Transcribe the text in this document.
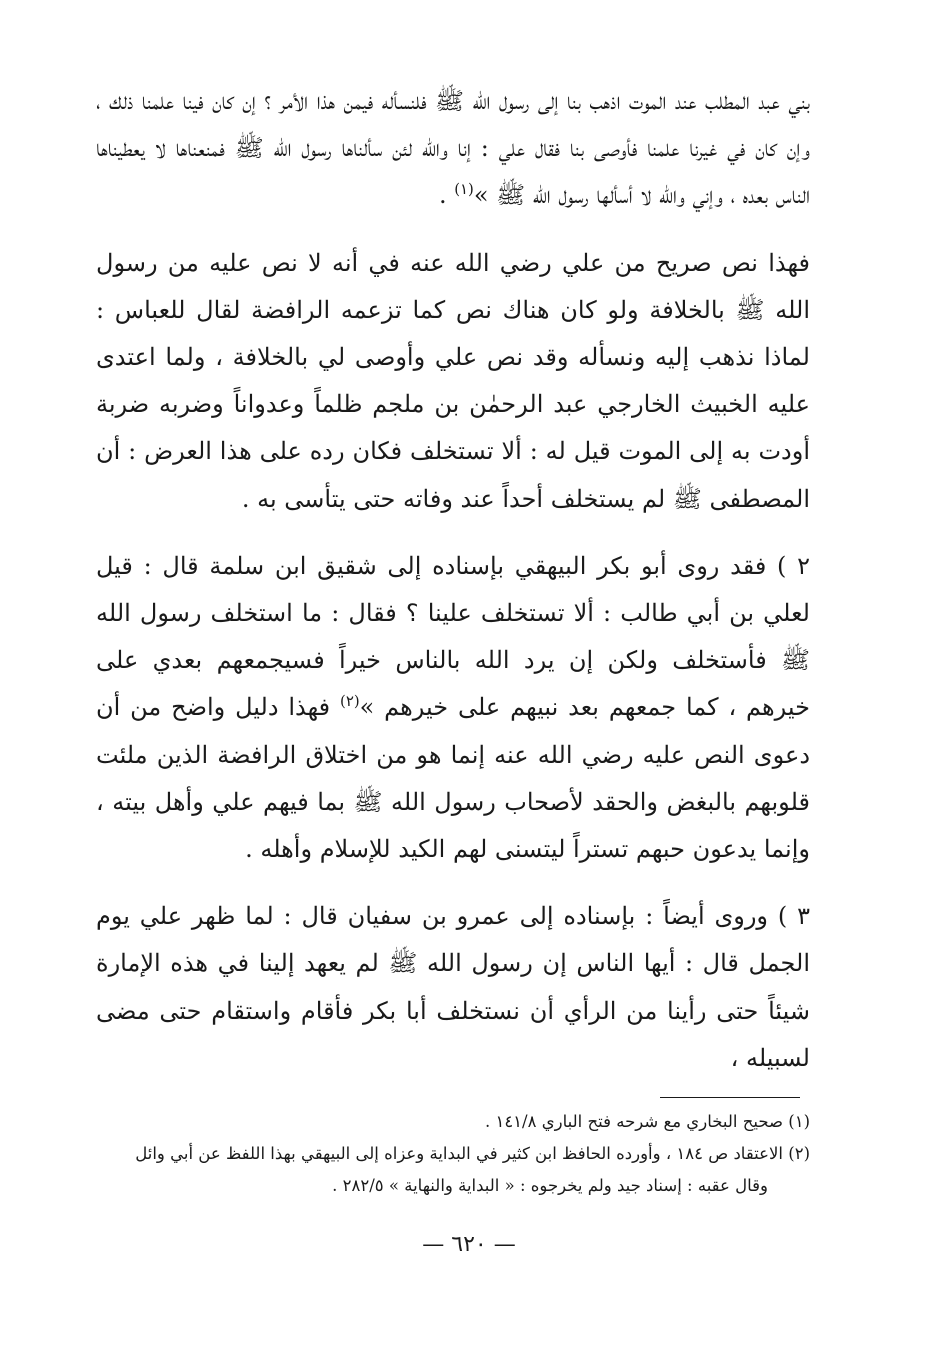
بني عبد المطلب عند الموت اذهب بنا إلى رسول الله ﷺ فلنسأله فيمن هذا الأمر ؟ إن كان فينا علمنا ذلك ، وإن كان في غيرنا علمنا فأوصى بنا فقال علي : إنا والله لئن سألناها رسول الله ﷺ فمنعناها لا يعطيناها الناس بعده ، وإني والله لا أسألها رسول الله ﷺ »$^{(١)}$ .

فهذا نص صريح من علي رضي الله عنه في أنه لا نص عليه من رسول الله ﷺ بالخلافة ولو كان هناك نص كما تزعمه الرافضة لقال للعباس : لماذا نذهب إليه ونسأله وقد نص علي وأوصى لي بالخلافة ، ولما اعتدى عليه الخبيث الخارجي عبد الرحمٰن بن ملجم ظلماً وعدواناً وضربه ضربة أودت به إلى الموت قيل له : ألا تستخلف فكان رده على هذا العرض : أن المصطفى ﷺ لم يستخلف أحداً عند وفاته حتى يتأسى به .

٢ ) فقد روى أبو بكر البيهقي بإسناده إلى شقيق ابن سلمة قال : قيل لعلي بن أبي طالب : ألا تستخلف علينا ؟ فقال : ما استخلف رسول الله ﷺ فأستخلف ولكن إن يرد الله بالناس خيراً فسيجمعهم بعدي على خيرهم ، كما جمعهم بعد نبيهم على خيرهم »$^{(٢)}$ فهذا دليل واضح من أن دعوى النص عليه رضي الله عنه إنما هو من اختلاق الرافضة الذين ملئت قلوبهم بالبغض والحقد لأصحاب رسول الله ﷺ بما فيهم علي وأهل بيته ، وإنما يدعون حبهم تستراً ليتسنى لهم الكيد للإسلام وأهله .

٣ ) وروى أيضاً : بإسناده إلى عمرو بن سفيان قال : لما ظهر علي يوم الجمل قال : أيها الناس إن رسول الله ﷺ لم يعهد إلينا في هذه الإمارة شيئاً حتى رأينا من الرأي أن نستخلف أبا بكر فأقام واستقام حتى مضى لسبيله ،

(١) صحيح البخاري مع شرحه فتح الباري ١٤١/٨ .

(٢) الاعتقاد ص ١٨٤ ، وأورده الحافظ ابن كثير في البداية وعزاه إلى البيهقي بهذا اللفظ عن أبي وائل

وقال عقبه : إسناد جيد ولم يخرجوه : « البداية والنهاية » ٢٨٢/٥ .

— ٦٢٠ —
